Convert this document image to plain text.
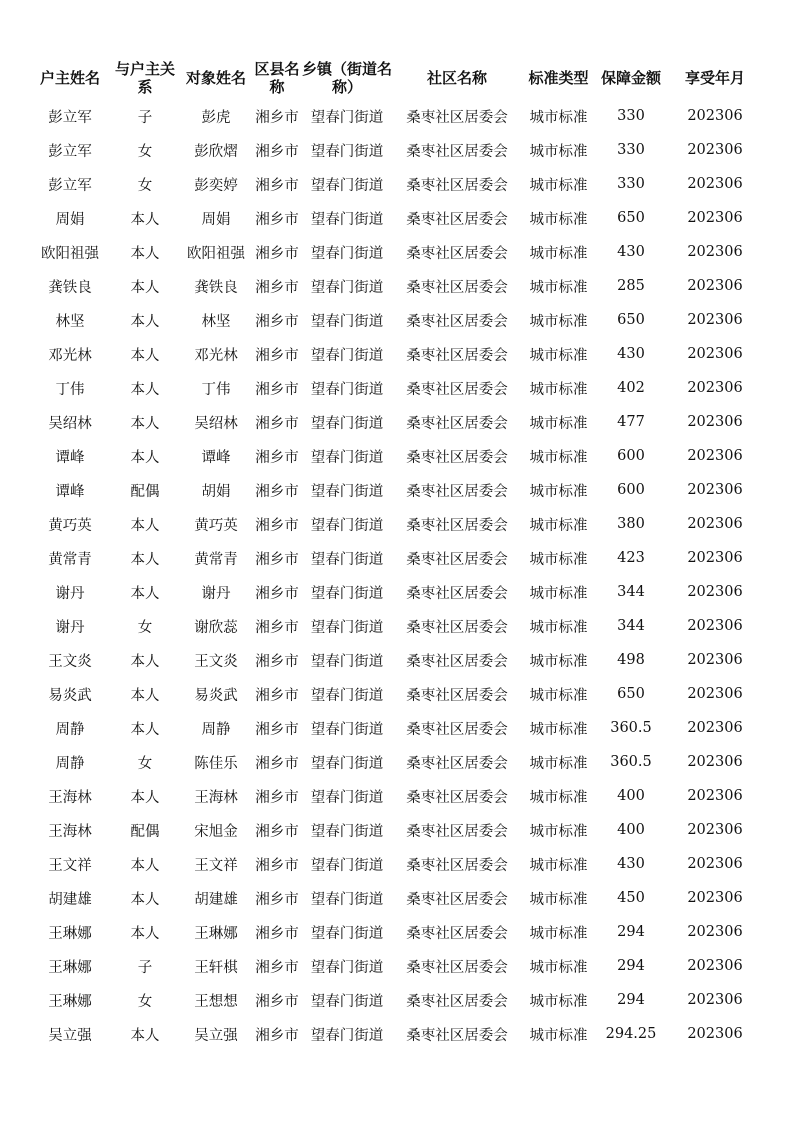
户主姓名	与户主关系	对象姓名	区县名称	乡镇（街道名称）	社区名称	标准类型	保障金额	享受年月
彭立军	子	彭虎	湘乡市	望春门街道	桑枣社区居委会	城市标准	330	202306
彭立军	女	彭欣熠	湘乡市	望春门街道	桑枣社区居委会	城市标准	330	202306
彭立军	女	彭奕婷	湘乡市	望春门街道	桑枣社区居委会	城市标准	330	202306
周娟	本人	周娟	湘乡市	望春门街道	桑枣社区居委会	城市标准	650	202306
欧阳祖强	本人	欧阳祖强	湘乡市	望春门街道	桑枣社区居委会	城市标准	430	202306
龚铁良	本人	龚铁良	湘乡市	望春门街道	桑枣社区居委会	城市标准	285	202306
林坚	本人	林坚	湘乡市	望春门街道	桑枣社区居委会	城市标准	650	202306
邓光林	本人	邓光林	湘乡市	望春门街道	桑枣社区居委会	城市标准	430	202306
丁伟	本人	丁伟	湘乡市	望春门街道	桑枣社区居委会	城市标准	402	202306
吴绍林	本人	吴绍林	湘乡市	望春门街道	桑枣社区居委会	城市标准	477	202306
谭峰	本人	谭峰	湘乡市	望春门街道	桑枣社区居委会	城市标准	600	202306
谭峰	配偶	胡娟	湘乡市	望春门街道	桑枣社区居委会	城市标准	600	202306
黄巧英	本人	黄巧英	湘乡市	望春门街道	桑枣社区居委会	城市标准	380	202306
黄常青	本人	黄常青	湘乡市	望春门街道	桑枣社区居委会	城市标准	423	202306
谢丹	本人	谢丹	湘乡市	望春门街道	桑枣社区居委会	城市标准	344	202306
谢丹	女	谢欣蕊	湘乡市	望春门街道	桑枣社区居委会	城市标准	344	202306
王文炎	本人	王文炎	湘乡市	望春门街道	桑枣社区居委会	城市标准	498	202306
易炎武	本人	易炎武	湘乡市	望春门街道	桑枣社区居委会	城市标准	650	202306
周静	本人	周静	湘乡市	望春门街道	桑枣社区居委会	城市标准	360.5	202306
周静	女	陈佳乐	湘乡市	望春门街道	桑枣社区居委会	城市标准	360.5	202306
王海林	本人	王海林	湘乡市	望春门街道	桑枣社区居委会	城市标准	400	202306
王海林	配偶	宋旭金	湘乡市	望春门街道	桑枣社区居委会	城市标准	400	202306
王文祥	本人	王文祥	湘乡市	望春门街道	桑枣社区居委会	城市标准	430	202306
胡建雄	本人	胡建雄	湘乡市	望春门街道	桑枣社区居委会	城市标准	450	202306
王琳娜	本人	王琳娜	湘乡市	望春门街道	桑枣社区居委会	城市标准	294	202306
王琳娜	子	王轩棋	湘乡市	望春门街道	桑枣社区居委会	城市标准	294	202306
王琳娜	女	王想想	湘乡市	望春门街道	桑枣社区居委会	城市标准	294	202306
吴立强	本人	吴立强	湘乡市	望春门街道	桑枣社区居委会	城市标准	294.25	202306
